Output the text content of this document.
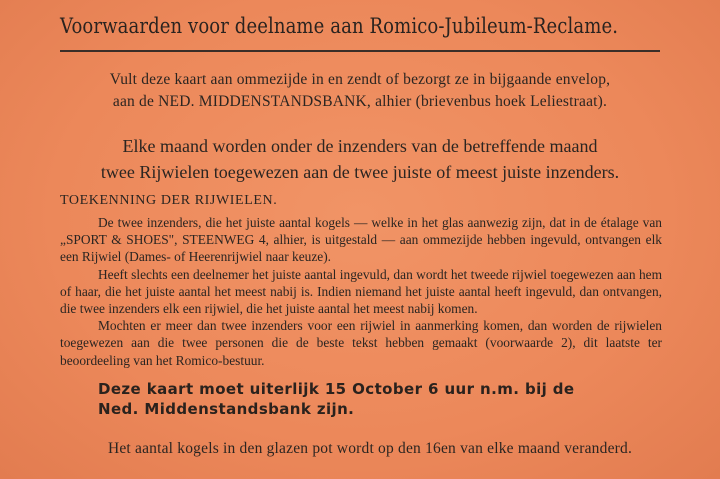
Voorwaarden voor deelname aan Romico-Jubileum-Reclame.
Vult deze kaart aan ommezijde in en zendt of bezorgt ze in bijgaande envelop,
aan de NED. MIDDENSTANDSBANK, alhier (brievenbus hoek Leliestraat).
Elke maand worden onder de inzenders van de betreffende maand
twee Rijwielen toegewezen aan de twee juiste of meest juiste inzenders.
TOEKENNING DER RIJWIELEN.

De twee inzenders, die het juiste aantal kogels — welke in het glas aanwezig zijn, dat in de étalage van „SPORT & SHOES", STEENWEG 4, alhier, is uitgestald — aan ommezijde hebben ingevuld, ontvangen elk een Rijwiel (Dames- of Heerenrijwiel naar keuze).

Heeft slechts een deelnemer het juiste aantal ingevuld, dan wordt het tweede rijwiel toegewezen aan hem of haar, die het juiste aantal het meest nabij is. Indien niemand het juiste aantal heeft ingevuld, dan ontvangen, die twee inzenders elk een rijwiel, die het juiste aantal het meest nabij komen.

Mochten er meer dan twee inzenders voor een rijwiel in aanmerking komen, dan worden de rijwielen toegewezen aan die twee personen die de beste tekst hebben gemaakt (voorwaarde 2), dit laatste ter beoordeeling van het Romico-bestuur.

Deze kaart moet uiterlijk 15 October 6 uur n.m. bij de
Ned. Middenstandsbank zijn.
Het aantal kogels in den glazen pot wordt op den 16en van elke maand veranderd.
